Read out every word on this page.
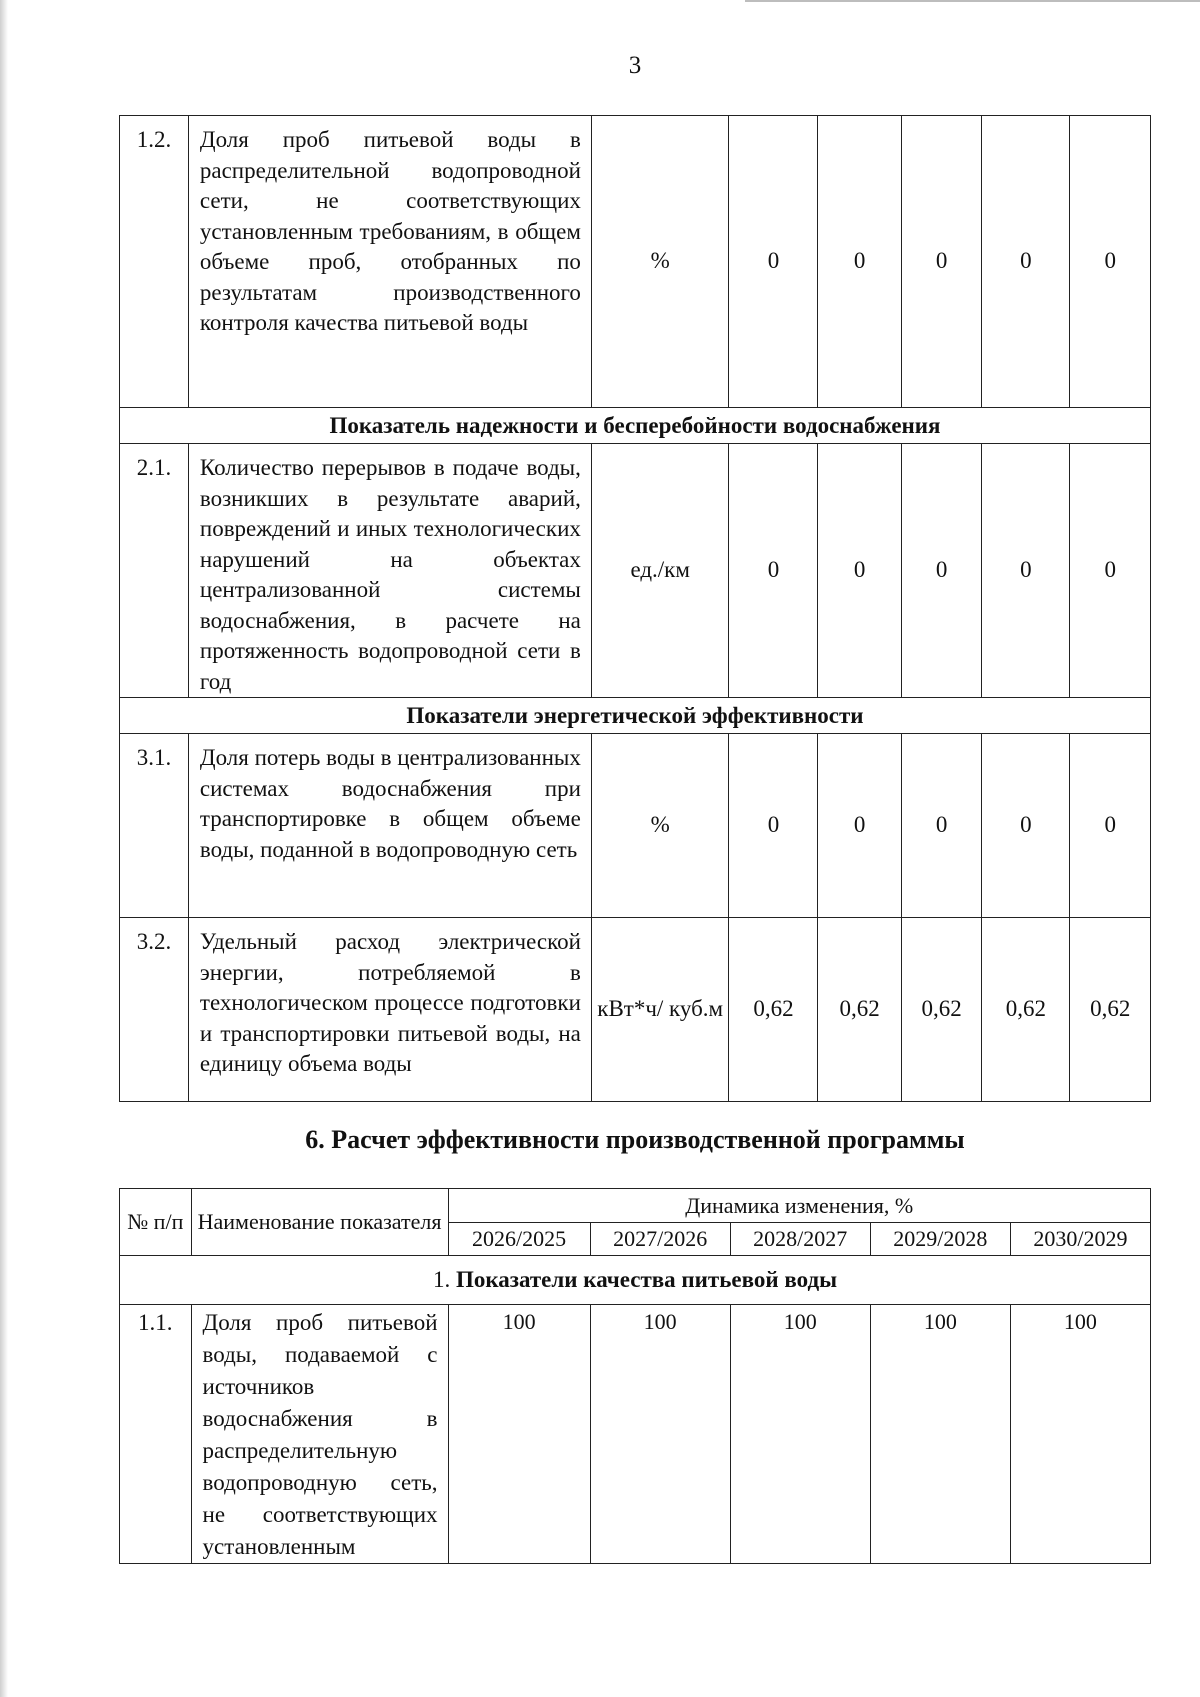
3
1.2.	Доля проб питьевой воды в распределительной водопроводной сети, не соответствующих установленным требованиям, в общем объеме проб, отобранных по результатам производственного контроля качества питьевой воды	%	0	0	0	0	0
Показатель надежности и бесперебойности водоснабжения							
2.1.	Количество перерывов в подаче воды, возникших в результате аварий, повреждений и иных технологических нарушений на объектах централизованной системы водоснабжения, в расчете на протяженность водопроводной сети в год	ед./км	0	0	0	0	0
Показатели энергетической эффективности							
3.1.	Доля потерь воды в централизованных системах водоснабжения при транспортировке в общем объеме воды, поданной в водопроводную сеть	%	0	0	0	0	0
3.2.	Удельный расход электрической энергии, потребляемой в технологическом процессе подготовки и транспортировки питьевой воды, на единицу объема воды	кВт*ч/ куб.м	0,62	0,62	0,62	0,62	0,62
6. Расчет эффективности производственной программы
№ п/п	Наименование показателя	Динамика изменения, %				
		2026/2025	2027/2026	2028/2027	2029/2028	2030/2029
1. Показатели качества питьевой воды						
1.1.	Доля проб питьевой воды, подаваемой с источников водоснабжения в распределительную водопроводную сеть, не соответствующих установленным	100	100	100	100	100
